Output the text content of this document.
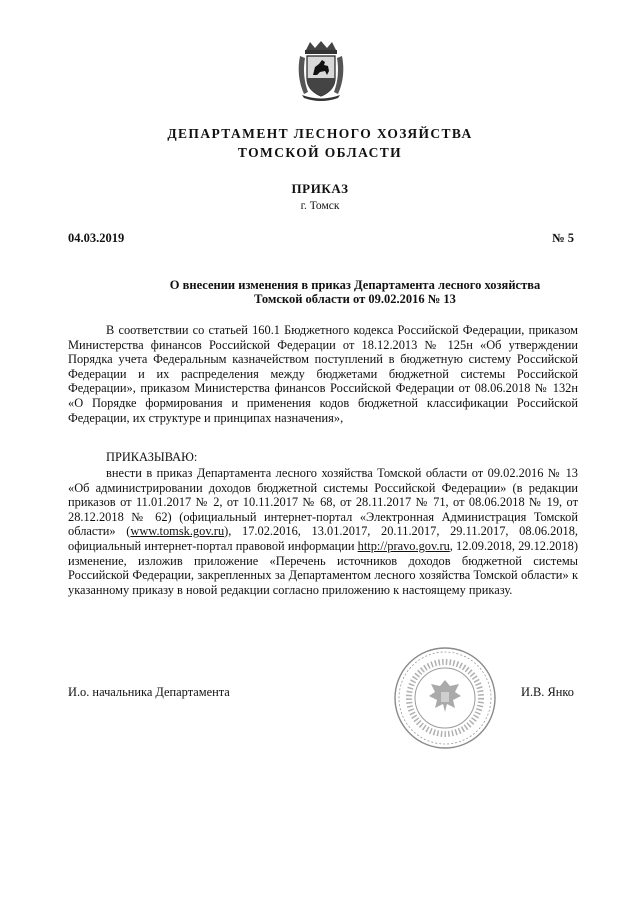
ДЕПАРТАМЕНТ ЛЕСНОГО ХОЗЯЙСТВА
ТОМСКОЙ ОБЛАСТИ
ПРИКАЗ
г. Томск
04.03.2019	№ 5
О внесении изменения в приказ Департамента лесного хозяйства
Томской области от 09.02.2016 № 13
В соответствии со статьей 160.1 Бюджетного кодекса Российской Федерации, приказом Министерства финансов Российской Федерации от 18.12.2013 № 125н «Об утверждении Порядка учета Федеральным казначейством поступлений в бюджетную систему Российской Федерации и их распределения между бюджетами бюджетной системы Российской Федерации», приказом Министерства финансов Российской Федерации от 08.06.2018 № 132н «О Порядке формирования и применения кодов бюджетной классификации Российской Федерации, их структуре и принципах назначения»,
ПРИКАЗЫВАЮ:
внести в приказ Департамента лесного хозяйства Томской области от 09.02.2016 № 13 «Об администрировании доходов бюджетной системы Российской Федерации» (в редакции приказов от 11.01.2017 № 2, от 10.11.2017 № 68, от 28.11.2017 № 71, от 08.06.2018 № 19, от 28.12.2018 № 62) (официальный интернет-портал «Электронная Администрация Томской области» (www.tomsk.gov.ru), 17.02.2016, 13.01.2017, 20.11.2017, 29.11.2017, 08.06.2018, официальный интернет-портал правовой информации http://pravo.gov.ru, 12.09.2018, 29.12.2018) изменение, изложив приложение «Перечень источников доходов бюджетной системы Российской Федерации, закрепленных за Департаментом лесного хозяйства Томской области» к указанному приказу в новой редакции согласно приложению к настоящему приказу.
И.о. начальника Департамента	И.В. Янко
